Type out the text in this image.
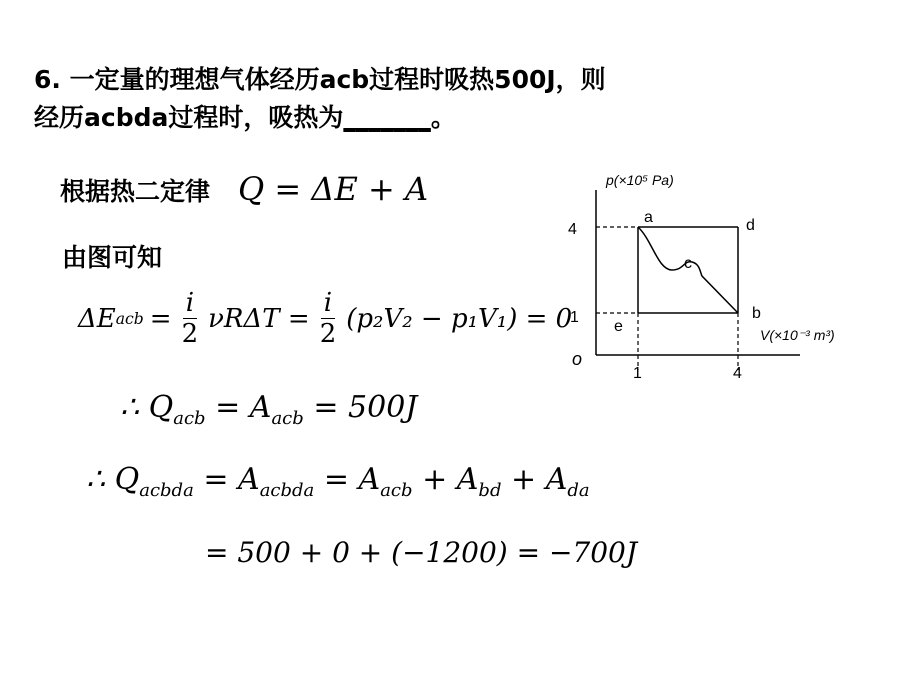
6. 一定量的理想气体经历acb过程时吸热500J，则
经历acbda过程时，吸热为_______。
根据热二定律 Q = ΔE + A
由图可知
ΔE acb = $\frac{i}{2}$ $\nu R\Delta T = \frac{i}{2} (p_2V_2 - p_1V_1) = 0$
∴ $Q_{acb} = A_{acb} = 500J$
∴ $Q_{acbda} = A_{acbda} = A_{acb} + A_{bd} + A_{da}$
= 500 + 0 + (−1200) = −700J
p(×10⁵ Pa)
V(×10⁻³ m³)
o
4
1
1	4
a	d
c
b
e
